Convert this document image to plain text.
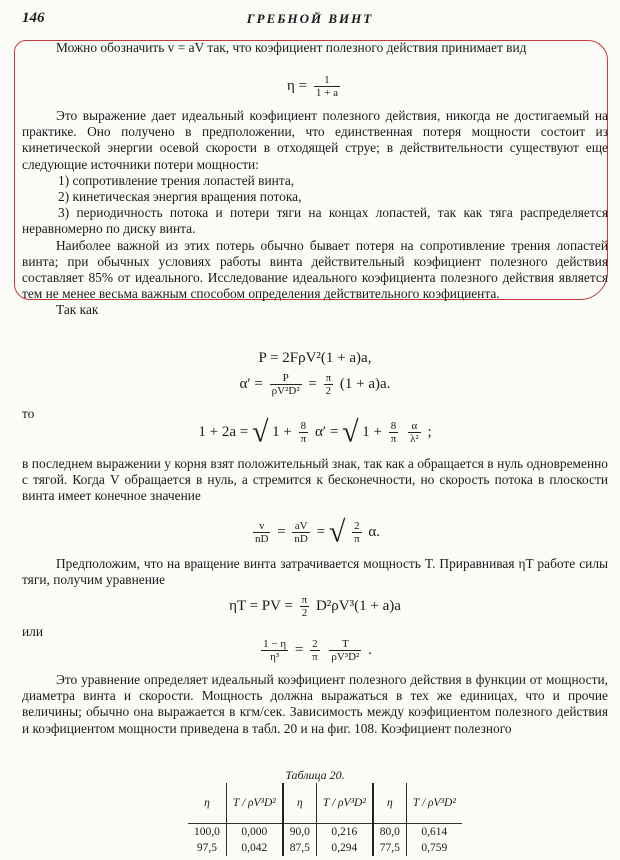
146	ГРЕБНОЙ ВИНТ

Можно обозначить v = aV так, что коэфициент полезного действия принимает вид

$\eta = \frac{1}{1 + a}$

Это выражение дает идеальный коэфициент полезного действия, никогда не достигаемый на практике. Оно получено в предположении, что единственная потеря мощности состоит из кинетической энергии осевой скорости в отходящей струе; в действительности существуют еще следующие источники потери мощности:

1) сопротивление трения лопастей винта,

2) кинетическая энергия вращения потока,

3) периодичность потока и потери тяги на концах лопастей, так как тяга распределяется неравномерно по диску винта.

Наиболее важной из этих потерь обычно бывает потеря на сопротивление трения лопастей винта; при обычных условиях работы винта действительный коэфициент полезного действия составляет 85% от идеального. Исследование идеального коэфициента полезного действия является тем не менее весьма важным способом определения действительного коэфициента.

Так как

P = 2FρV²(1 + a)a,
$\alpha' = \frac{P}{\text{ρV²D²}} = \frac{\pi}{2} (1 + a)a$.
то
1 + 2a = √ $1 + \frac{8}{\pi} \alpha'$ = √ $1 + \frac{8}{\pi}$
$\frac{\alpha}{\text{λ²}}$ ;

в последнем выражении у корня взят положительный знак, так как a обращается в нуль одновременно с тягой. Когда V обращается в нуль, a стремится к бесконечности, но скорость потока в плоскости винта имеет конечное значение

$\frac{v}{nD} = \frac{aV}{nD}$ = √ $\frac{2}{\pi} \alpha$.

Предположим, что на вращение винта затрачивается мощность T. Приравнивая ηT работе силы тяги, получим уравнение

ηT = PV = $\frac{\pi}{2} D^2\rho V^3(1 + a)a$
или
$\frac{1 - \eta}{\text{η³}} = \frac{2}{\pi}$
$\frac{T}{\text{ρV³D²}}$ .

Это уравнение определяет идеальный коэфициент полезного действия в функции от мощности, диаметра винта и скорости. Мощность должна выражаться в тех же единицах, что и прочие величины; обычно она выражается в кгм/сек. Зависимость между коэфициентом полезного действия и коэфициентом мощности приведена в табл. 20 и на фиг. 108. Коэфициент полезного

Таблица 20.
η	T / ρV³D²	η	T / ρV³D²	η	T / ρV³D²
100,0	0,000	90,0	0,216	80,0	0,614
97,5	0,042	87,5	0,294	77,5	0,759
